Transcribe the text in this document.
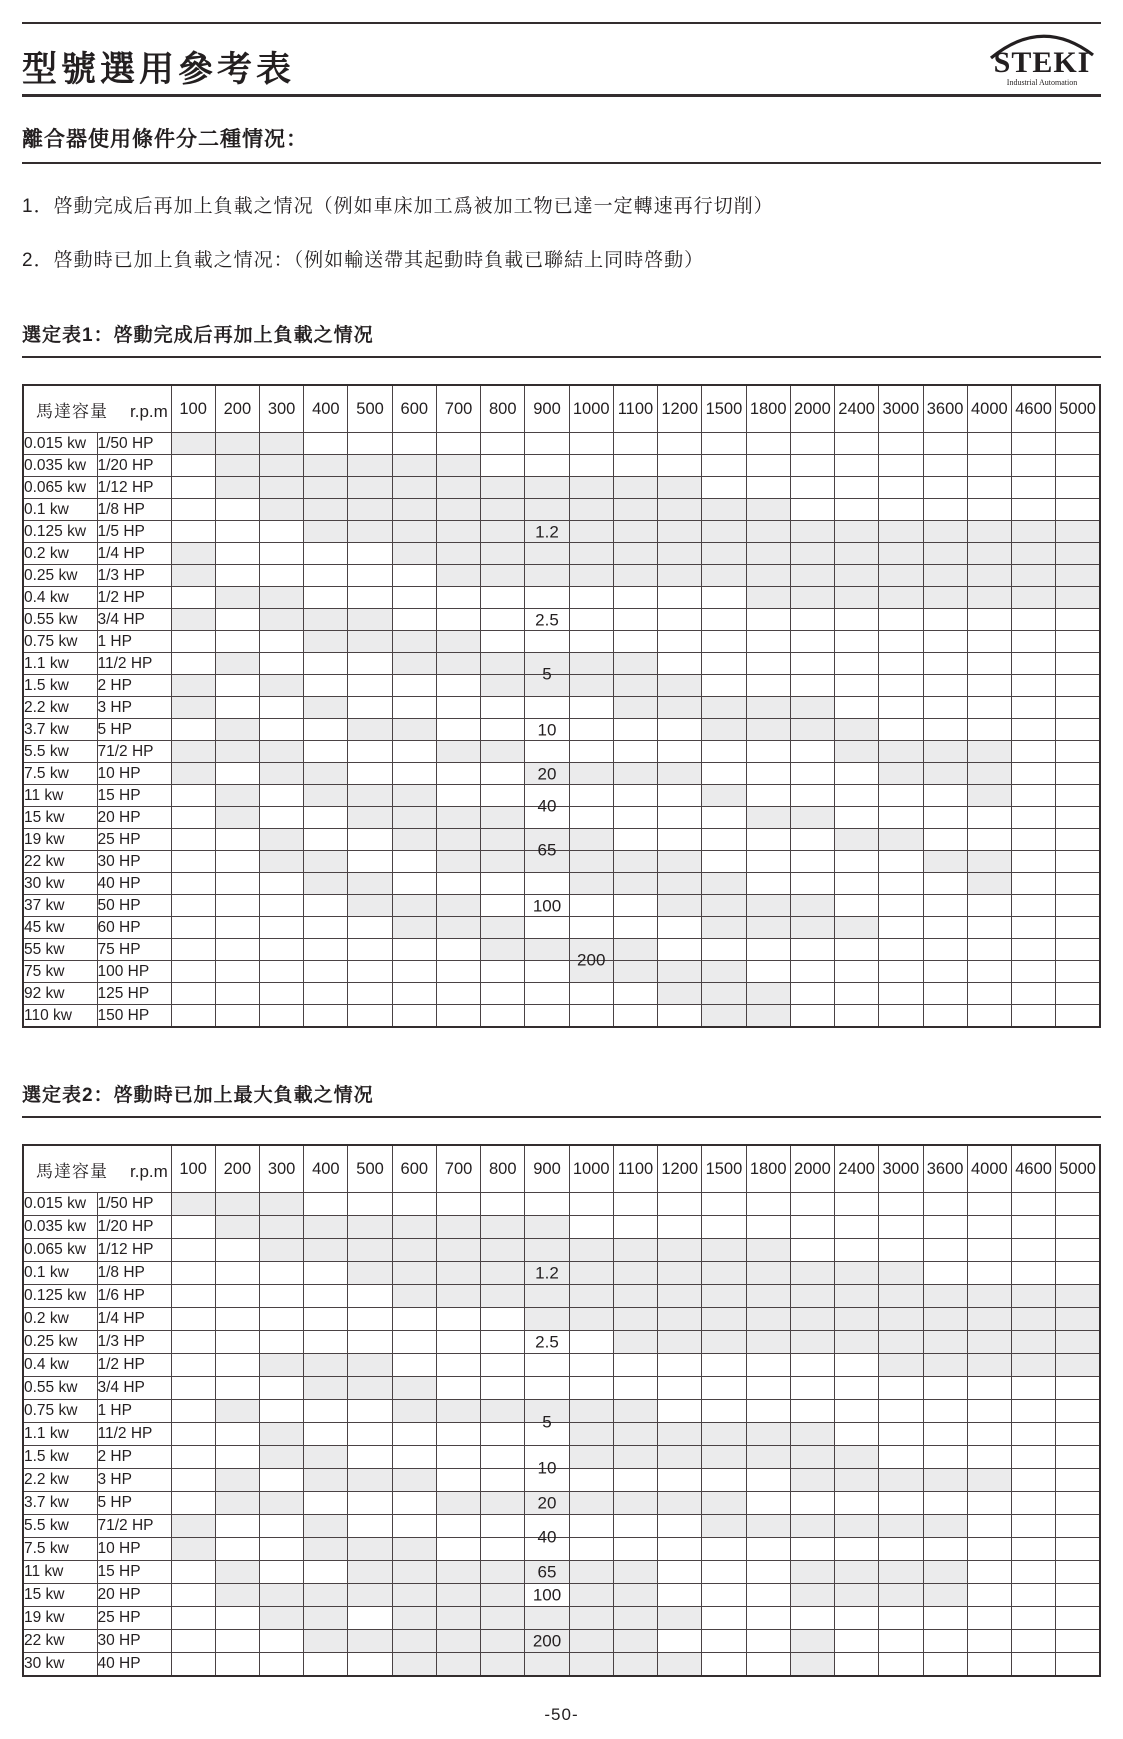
型號選用參考表	STEKI
Industrial Automation
離合器使用條件分二種情况：

1．啓動完成后再加上負載之情况（例如車床加工爲被加工物已達一定轉速再行切削）

2．啓動時已加上負載之情况：（例如輸送帶其起動時負載已聯結上同時啓動）

選定表1：啓動完成后再加上負載之情况
馬達容量 r.p.m		100	200	300	400	500	600	700	800	900	1000	1100	1200	1500	1800	2000	2400	3000	3600	4000	4600	5000
0.015 kw	1/50 HP																					
0.035 kw	1/20 HP																					
0.065 kw	1/12 HP																					
0.1 kw	1/8 HP																					
0.125 kw	1/5 HP									1.2												

0.2 kw	1/4 HP																					
0.25 kw	1/3 HP																					
0.4 kw	1/2 HP																					
0.55 kw	3/4 HP									2.5												

0.75 kw	1 HP																					
1.1 kw	11/2 HP									5												

1.5 kw	2 HP																					
2.2 kw	3 HP																					
3.7 kw	5 HP									10												

5.5 kw	71/2 HP																					
7.5 kw	10 HP									20												

11 kw	15 HP									40												

15 kw	20 HP																					
19 kw	25 HP									65												

22 kw	30 HP																					
30 kw	40 HP																					
37 kw	50 HP									100												

45 kw	60 HP																					
55 kw	75 HP										200											

75 kw	100 HP																					
92 kw	125 HP																					
110 kw	150 HP																					
選定表2：啓動時已加上最大負載之情况
馬達容量 r.p.m		100	200	300	400	500	600	700	800	900	1000	1100	1200	1500	1800	2000	2400	3000	3600	4000	4600	5000
0.015 kw	1/50 HP																					
0.035 kw	1/20 HP																					
0.065 kw	1/12 HP																					
0.1 kw	1/8 HP									1.2												

0.125 kw	1/6 HP																					
0.2 kw	1/4 HP																					
0.25 kw	1/3 HP									2.5												

0.4 kw	1/2 HP																					
0.55 kw	3/4 HP																					
0.75 kw	1 HP									5												

1.1 kw	11/2 HP																					
1.5 kw	2 HP									10												

2.2 kw	3 HP																					
3.7 kw	5 HP									20												

5.5 kw	71/2 HP									40												

7.5 kw	10 HP																					
11 kw	15 HP									65												

15 kw	20 HP									100												

19 kw	25 HP																					
22 kw	30 HP									200												

30 kw	40 HP																					
-50-
